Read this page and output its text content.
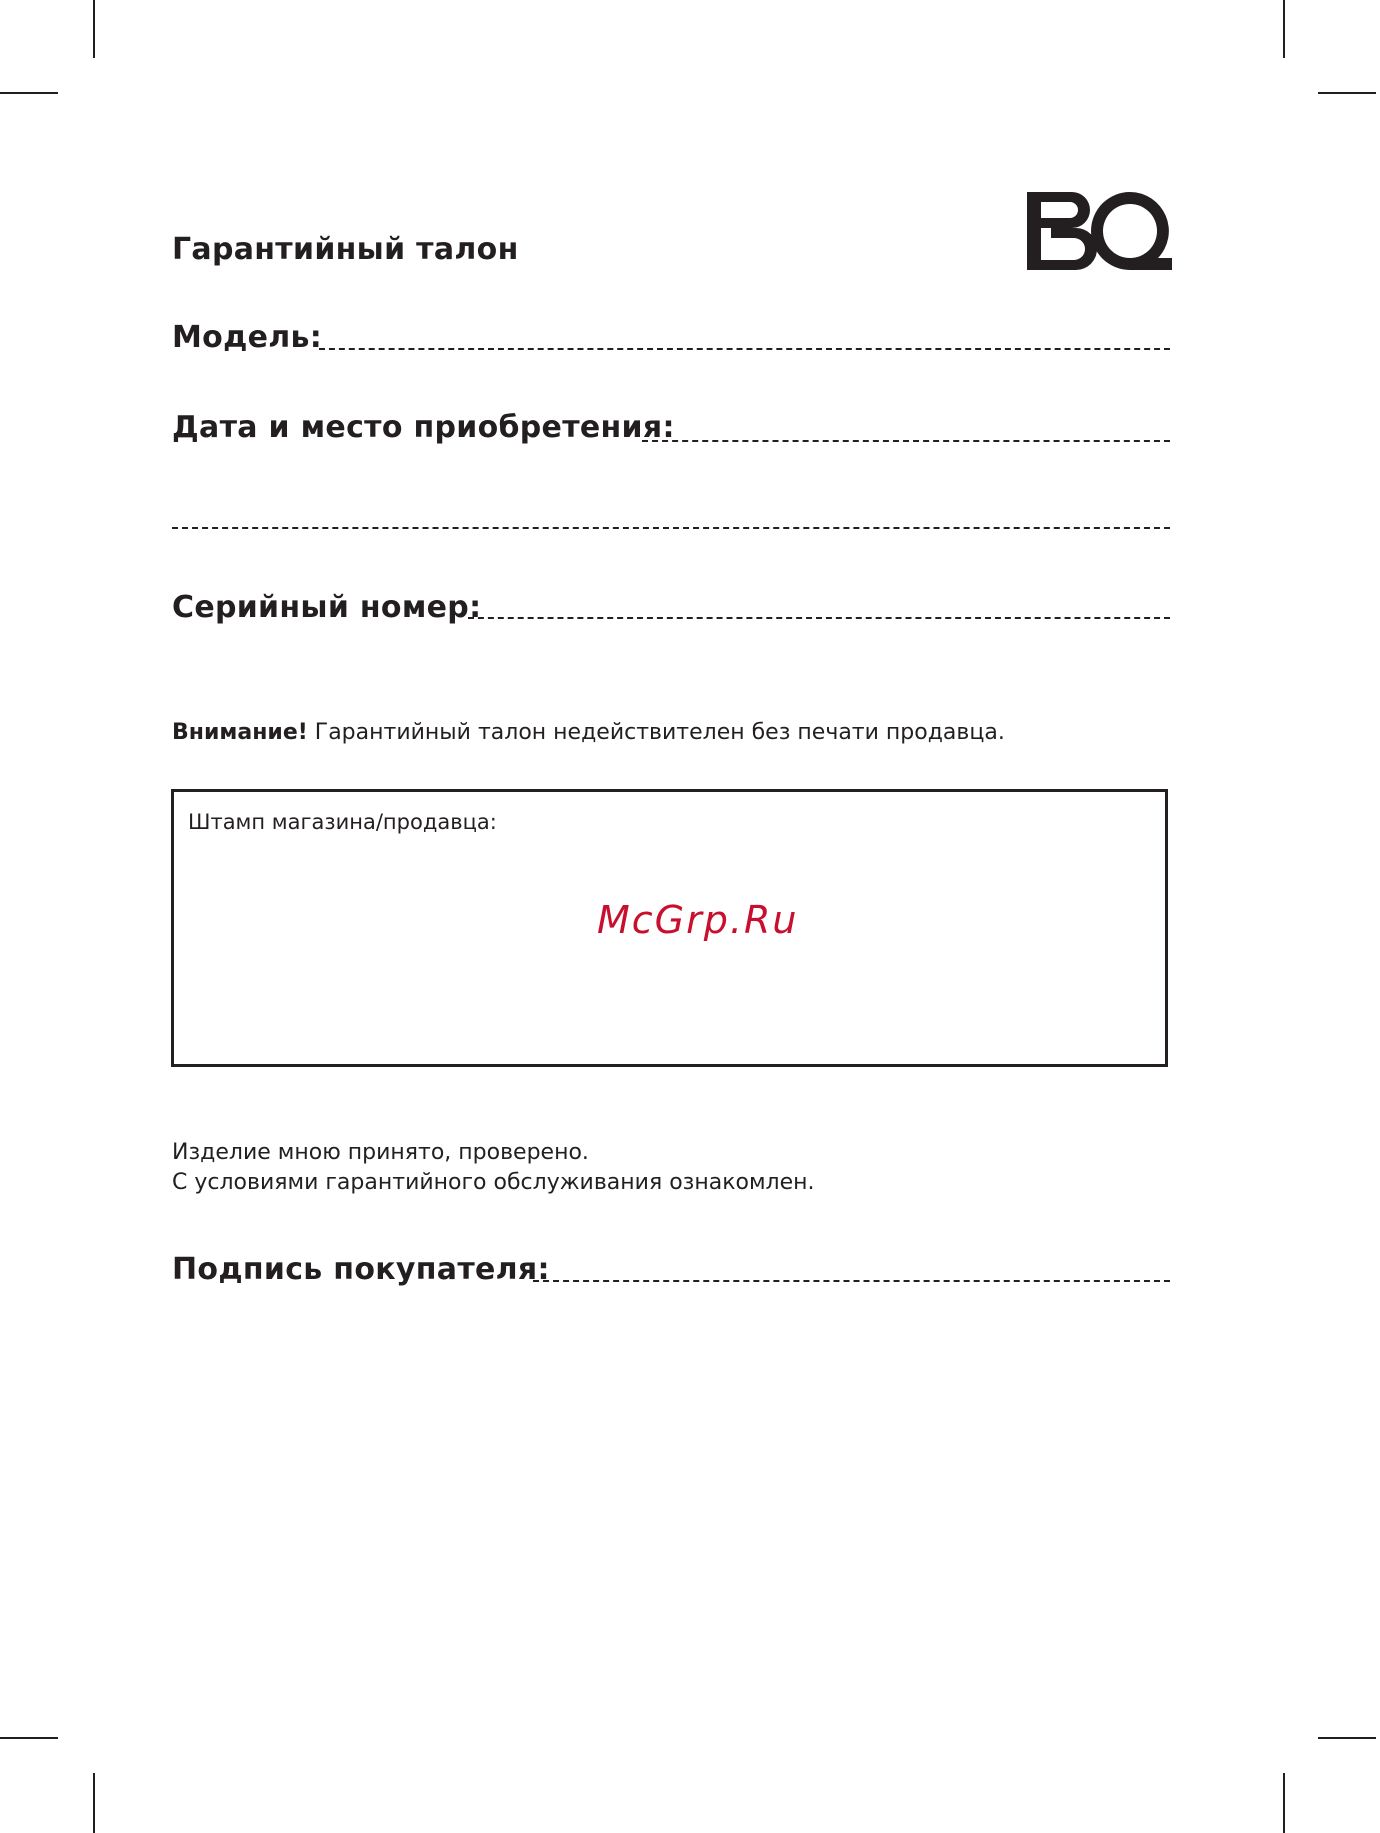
Гарантийный талон
Модель:
Дата и место приобретения:
Серийный номер:
Внимание! Гарантийный талон недействителен без печати продавца.
Штамп магазина/продавца:
McGrp.Ru
Изделие мною принято, проверено.
С условиями гарантийного обслуживания ознакомлен.
Подпись покупателя:
